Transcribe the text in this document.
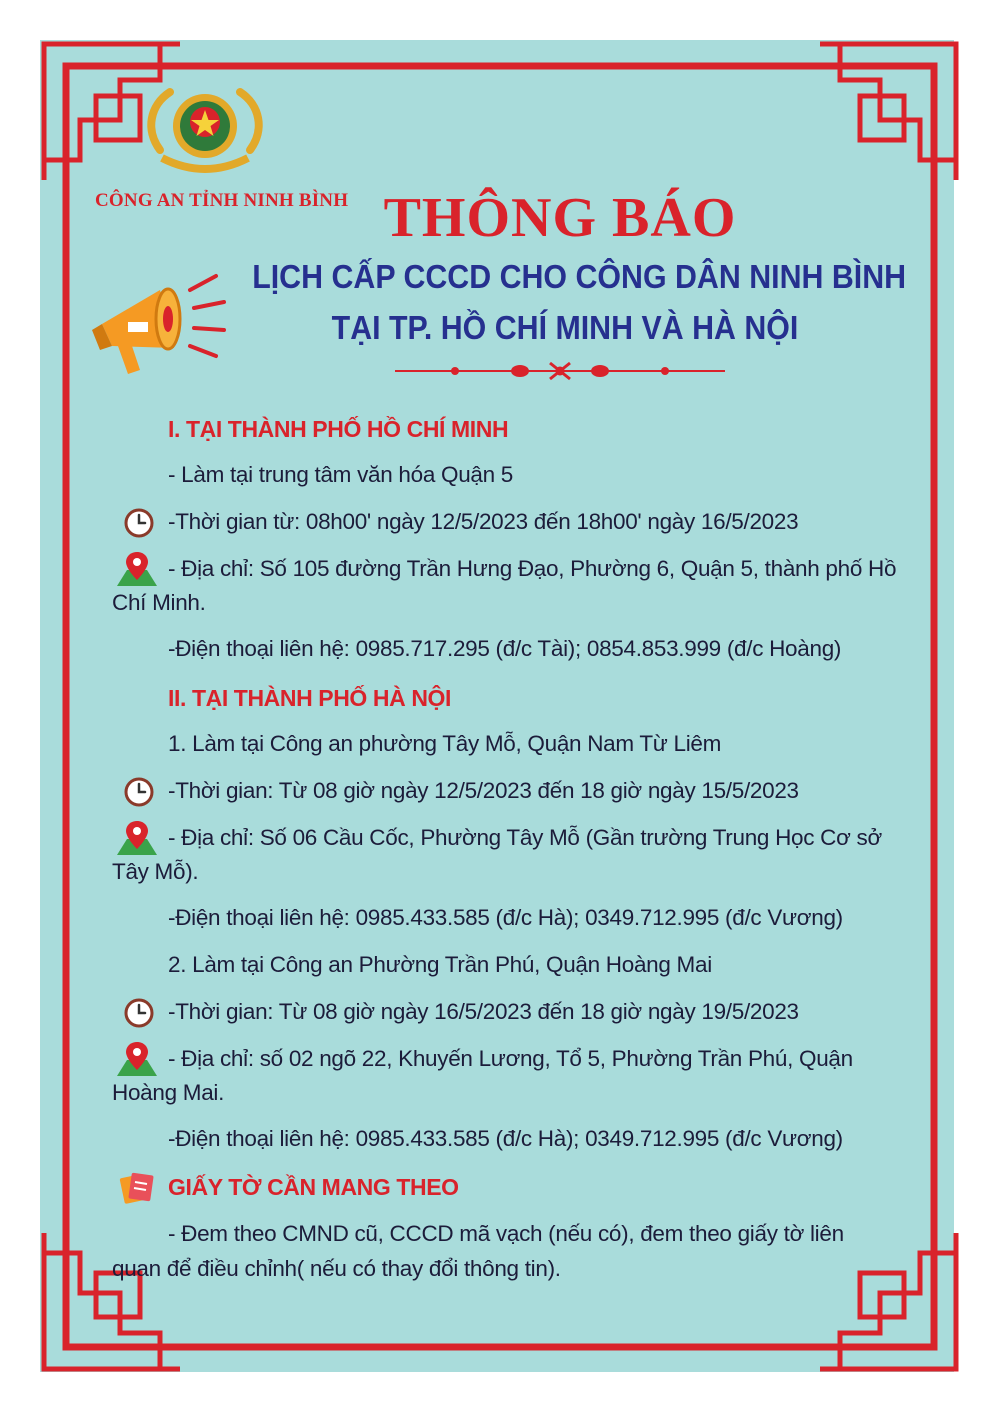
CÔNG AN TỈNH NINH BÌNH THÔNG BÁO
LỊCH CẤP CCCD CHO CÔNG DÂN NINH BÌNH
TẠI TP. HỒ CHÍ MINH VÀ HÀ NỘI
I. TẠI THÀNH PHỐ HỒ CHÍ MINH
- Làm tại trung tâm văn hóa Quận 5
-Thời gian từ: 08h00' ngày 12/5/2023 đến 18h00' ngày 16/5/2023
- Địa chỉ: Số 105 đường Trần Hưng Đạo, Phường 6, Quận 5, thành phố Hồ
Chí Minh.
-Điện thoại liên hệ: 0985.717.295 (đ/c Tài); 0854.853.999 (đ/c Hoàng)
II. TẠI THÀNH PHỐ HÀ NỘI
1. Làm tại Công an phường Tây Mỗ, Quận Nam Từ Liêm
-Thời gian: Từ 08 giờ ngày 12/5/2023 đến 18 giờ ngày 15/5/2023
- Địa chỉ: Số 06 Cầu Cốc, Phường Tây Mỗ (Gần trường Trung Học Cơ sở
Tây Mỗ).
-Điện thoại liên hệ: 0985.433.585 (đ/c Hà); 0349.712.995 (đ/c Vương)
2. Làm tại Công an Phường Trần Phú, Quận Hoàng Mai
-Thời gian: Từ 08 giờ ngày 16/5/2023 đến 18 giờ ngày 19/5/2023
- Địa chỉ: số 02 ngõ 22, Khuyến Lương, Tổ 5, Phường Trần Phú, Quận
Hoàng Mai.
-Điện thoại liên hệ: 0985.433.585 (đ/c Hà); 0349.712.995 (đ/c Vương)
GIẤY TỜ CẦN MANG THEO
- Đem theo CMND cũ, CCCD mã vạch (nếu có), đem theo giấy tờ liên
quan để điều chỉnh( nếu có thay đổi thông tin).
